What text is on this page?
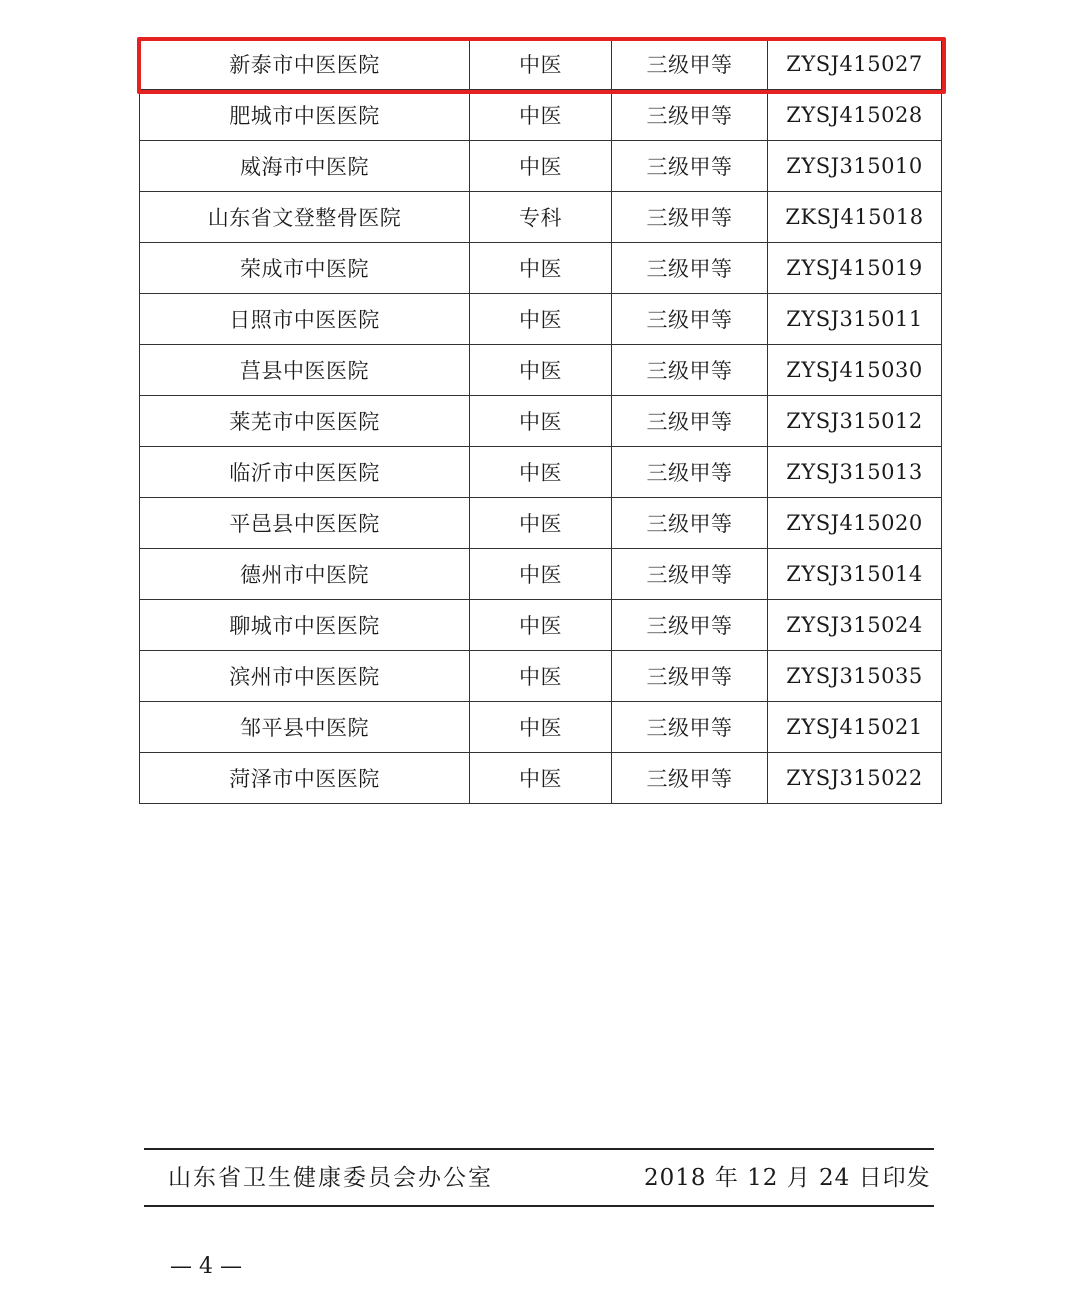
新泰市中医医院	中医	三级甲等	ZYSJ415027
肥城市中医医院	中医	三级甲等	ZYSJ415028
威海市中医院	中医	三级甲等	ZYSJ315010
山东省文登整骨医院	专科	三级甲等	ZKSJ415018
荣成市中医院	中医	三级甲等	ZYSJ415019
日照市中医医院	中医	三级甲等	ZYSJ315011
莒县中医医院	中医	三级甲等	ZYSJ415030
莱芜市中医医院	中医	三级甲等	ZYSJ315012
临沂市中医医院	中医	三级甲等	ZYSJ315013
平邑县中医医院	中医	三级甲等	ZYSJ415020
德州市中医院	中医	三级甲等	ZYSJ315014
聊城市中医医院	中医	三级甲等	ZYSJ315024
滨州市中医医院	中医	三级甲等	ZYSJ315035
邹平县中医院	中医	三级甲等	ZYSJ415021
菏泽市中医医院	中医	三级甲等	ZYSJ315022
山东省卫生健康委员会办公室	2018 年 12 月 24 日印发
— 4 —
